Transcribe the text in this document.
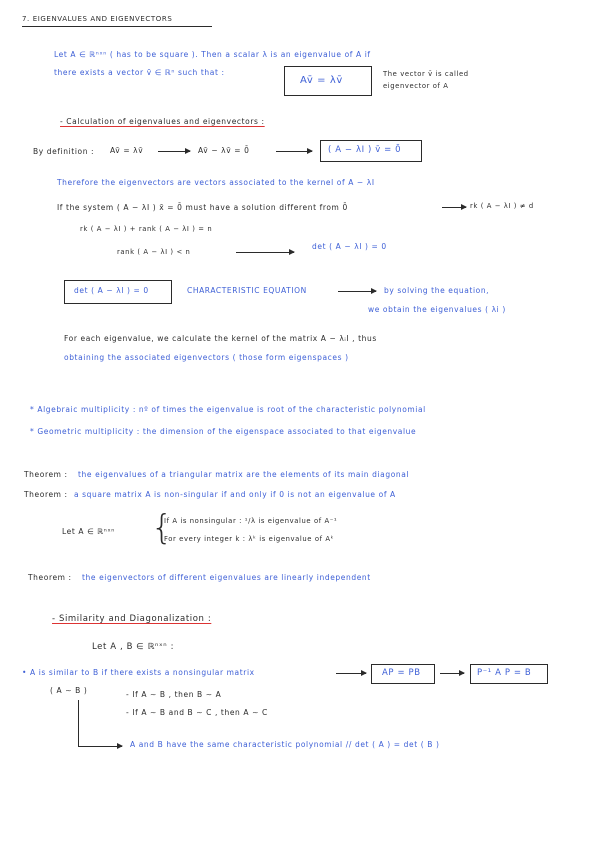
7. EIGENVALUES AND EIGENVECTORS
Let A ∈ ℝⁿˣⁿ ( has to be square ). Then a scalar λ is an eigenvalue of A if
there exists a vector v̄ ∈ ℝⁿ such that :
Av̄ = λv̄
The vector v̄ is called
eigenvector of A
- Calculation of eigenvalues and eigenvectors :
By definition : Av̄ = λv̄	Av̄ − λv̄ = 0̄	( A − λI ) v̄ = 0̄
Therefore the eigenvectors are vectors associated to the kernel of A − λI
If the system ( A − λI ) x̄ = 0̄ must have a solution different from 0̄	rk ( A − λI ) ≠ d
rk ( A − λI ) + rank ( A − λI ) = n
rank ( A − λI ) < n
det ( A − λI ) = 0
det ( A − λI ) = 0	CHARACTERISTIC EQUATION	by solving the equation,
we obtain the eigenvalues ( λi )
For each eigenvalue, we calculate the kernel of the matrix A − λᵢI , thus
obtaining the associated eigenvectors ( those form eigenspaces )
* Algebraic multiplicity : nº of times the eigenvalue is root of the characteristic polynomial
* Geometric multiplicity : the dimension of the eigenspace associated to that eigenvalue
Theorem : the eigenvalues of a triangular matrix are the elements of its main diagonal
Theorem : a square matrix A is non-singular if and only if 0 is not an eigenvalue of A
Let A ∈ ℝⁿˣⁿ {
If A is nonsingular : ¹/λ is eigenvalue of A⁻¹
For every integer k : λᵏ is eigenvalue of Aᵏ
Theorem : the eigenvectors of different eigenvalues are linearly independent
- Similarity and Diagonalization :
Let A , B ∈ ℝⁿˣⁿ :
• A is similar to B if there exists a nonsingular matrix	AP = PB	P⁻¹ A P = B
( A ∼ B )	- If A ∼ B , then B ∼ A
- If A ∼ B and B ∼ C , then A ∼ C
A and B have the same characteristic polynomial // det ( A ) = det ( B )
